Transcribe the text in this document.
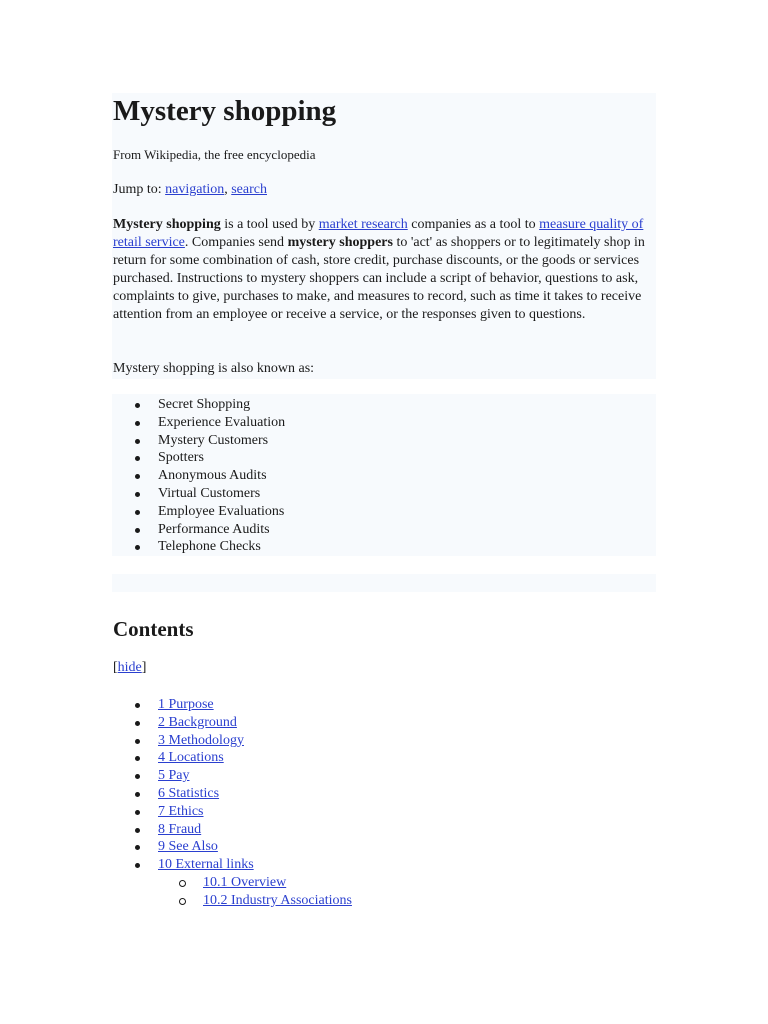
Mystery shopping

From Wikipedia, the free encyclopedia

Jump to: navigation, search

Mystery shopping is a tool used by market research companies as a tool to measure quality of retail service. Companies send mystery shoppers to 'act' as shoppers or to legitimately shop in return for some combination of cash, store credit, purchase discounts, or the goods or services purchased. Instructions to mystery shoppers can include a script of behavior, questions to ask, complaints to give, purchases to make, and measures to record, such as time it takes to receive attention from an employee or receive a service, or the responses given to questions.

Mystery shopping is also known as:

Secret Shopping
Experience Evaluation
Mystery Customers
Spotters
Anonymous Audits
Virtual Customers
Employee Evaluations
Performance Audits
Telephone Checks
Contents

[hide]

1 Purpose
2 Background
3 Methodology
4 Locations
5 Pay
6 Statistics
7 Ethics
8 Fraud
9 See Also
10 External links
10.1 Overview
10.2 Industry Associations
